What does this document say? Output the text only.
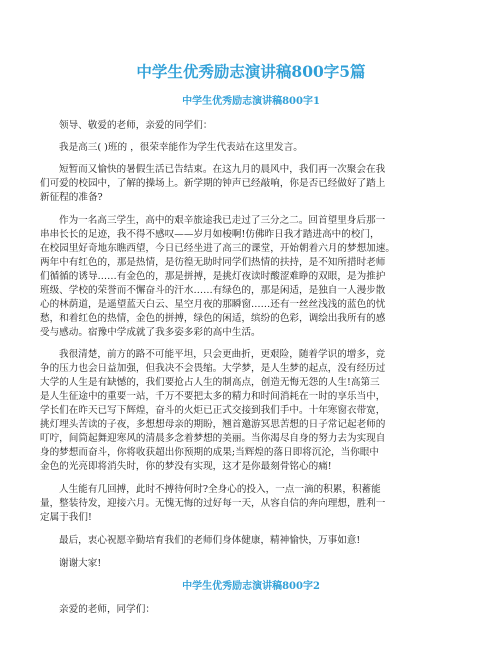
中学生优秀励志演讲稿800字5篇
中学生优秀励志演讲稿800字1
领导、敬爱的老师，亲爱的同学们：
我是高三( )班的 ，很荣幸能作为学生代表站在这里发言。
短暂而又愉快的暑假生活已告结束。在这九月的晨风中，我们再一次聚会在我
们可爱的校园中，了解的操场上。新学期的钟声已经敲响，你是否已经做好了踏上
新征程的准备?
作为一名高三学生，高中的艰辛旅途我已走过了三分之二。回首望里身后那一
串串长长的足迹，我不得不感叹——岁月如梭啊!仿佛昨日我才踏进高中的校门，
在校园里好奇地东瞧西望，今日已经坐进了高三的课堂，开始朝着六月的梦想加速。
两年中有红色的，那是热情，是彷徨无助时同学们热情的扶持，是不知所措时老师
们循循的诱导……有金色的，那是拼搏，是挑灯夜读时酸涩难睁的双眼，是为推护
班级、学校的荣誉而不懈奋斗的汗水……有绿色的，那是闲适，是独自一人漫步散
心的林荫道，是遥望蓝天白云、星空月夜的那瞬窗……还有一丝丝浅浅的蓝色的忧
愁，和着红色的热情，金色的拼搏，绿色的闲适，缤纷的色彩，调绘出我所有的感
受与感动。宿豫中学成就了我多姿多彩的高中生活。
我很清楚，前方的路不可能平坦，只会更曲折，更艰险，随着学识的增多，竞
争的压力也会日益加强，但我决不会畏缩。大学梦，是人生梦的起点，没有经历过
大学的人生是有缺憾的，我们要抢占人生的制高点，创造无悔无怨的人生!高第三
是人生征途中的重要一站，千万不要把太多的精力和时间消耗在一时的享乐当中，
学长们在昨天已写下辉煌，奋斗的火炬已正式交接到我们手中。十年寒窗衣带宽，
挑灯埋头苦读的子夜，多想想母亲的期盼，翘首邀游冥思苦想的日子常记起老师的
叮咛，间筒起舞迎寒风的清晨多念着梦想的美丽。当你渴尽自身的努力去为实现自
身的梦想而奋斗，你将收获超出你预期的成果;当辉煌的落日即将沉沦，当你眼中
金色的光亮即将消失时，你的梦没有实现，这才是你最刻骨铭心的痛!
人生能有几回搏，此时不搏待何时?全身心的投入，一点一滴的积累，积蓄能
量，整装待发，迎接六月。无愧无悔的过好每一天，从容自信的奔向理想，胜利一
定属于我们!
最后，衷心祝愿辛勤培育我们的老师们身体健康，精神愉快，万事如意!
谢谢大家!
中学生优秀励志演讲稿800字2
亲爱的老师，同学们：
